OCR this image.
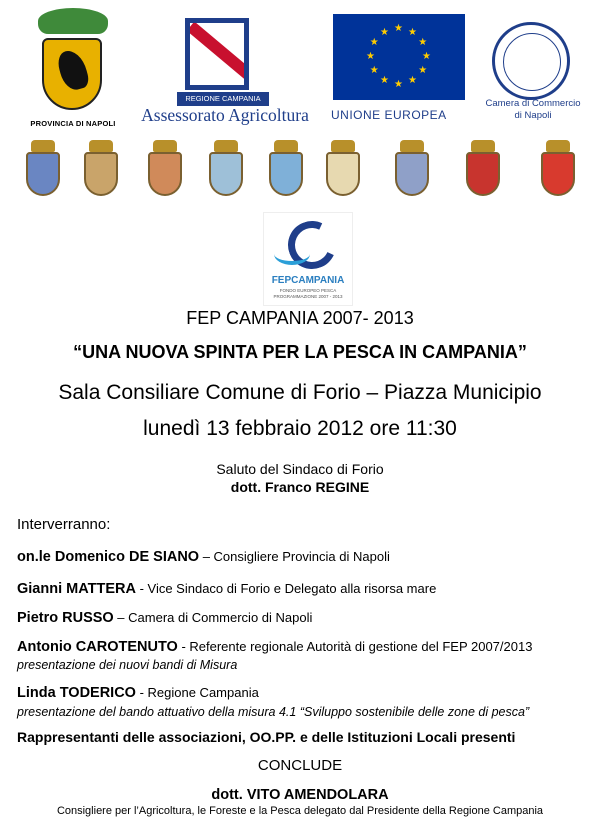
PROVINCIA DI NAPOLI
REGIONE CAMPANIA
Assessorato Agricoltura
★ ★
★
★
★
★
★
★
★
★
★
★
UNIONE EUROPEA
Camera di Commercio
di Napoli
FEPCAMPANIA
FONDO EUROPEO PESCA
PROGRAMMAZIONE 2007 - 2013
FEP CAMPANIA 2007- 2013
“UNA NUOVA SPINTA PER LA PESCA IN CAMPANIA”
Sala Consiliare Comune di Forio – Piazza Municipio
lunedì 13 febbraio 2012 ore 11:30
Saluto del Sindaco di Forio
dott. Franco REGINE
Interverranno:
on.le Domenico DE SIANO – Consigliere Provincia di Napoli
Gianni MATTERA - Vice Sindaco di Forio e Delegato alla risorsa mare
Pietro RUSSO – Camera di Commercio di Napoli
Antonio CAROTENUTO - Referente regionale Autorità di gestione del FEP 2007/2013
presentazione dei nuovi bandi di Misura
Linda TODERICO - Regione Campania
presentazione del bando attuativo della misura 4.1 “Sviluppo sostenibile delle zone di pesca”
Rappresentanti delle associazioni, OO.PP. e delle Istituzioni Locali presenti
CONCLUDE
dott. VITO AMENDOLARA
Consigliere per l’Agricoltura, le Foreste e la Pesca delegato dal Presidente della Regione Campania
